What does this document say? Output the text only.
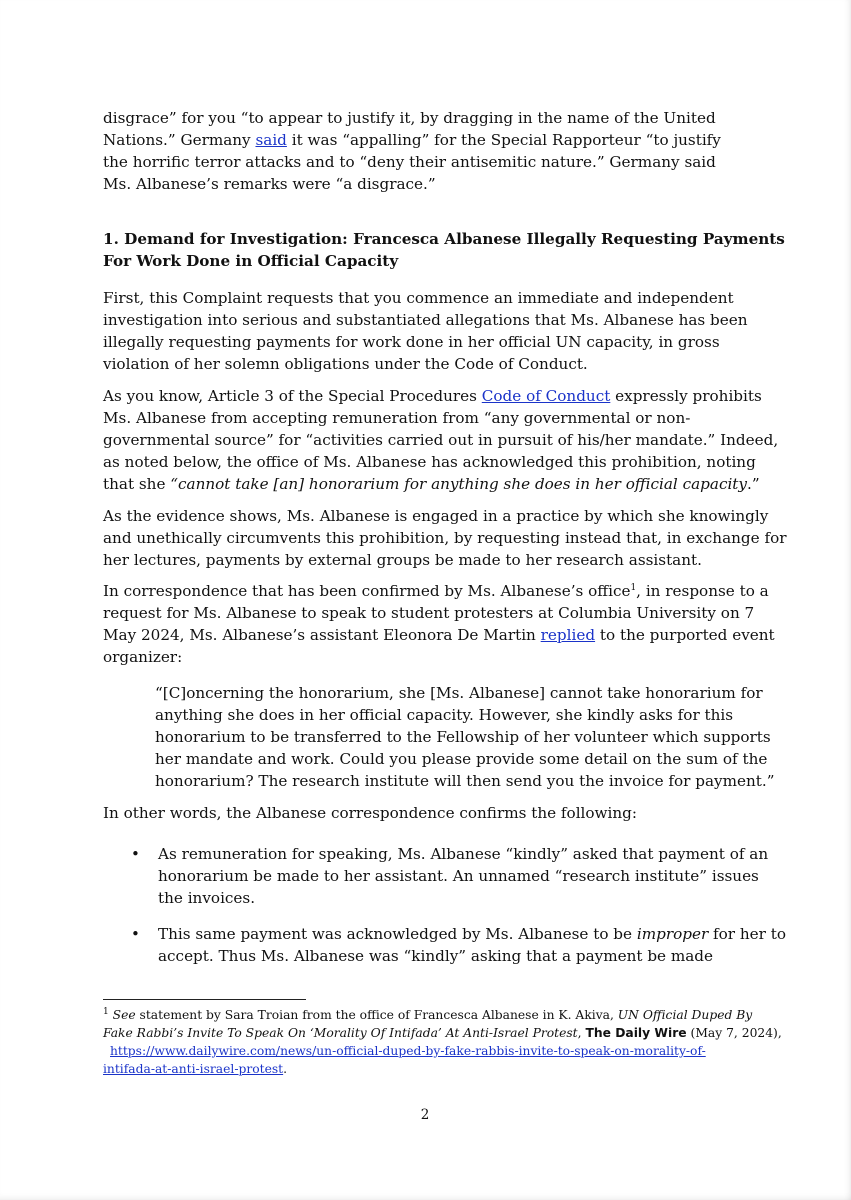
disgrace” for you “to appear to justify it, by dragging in the name of the United
Nations.” Germany said it was “appalling” for the Special Rapporteur “to justify
the horrific terror attacks and to “deny their antisemitic nature.” Germany said
Ms. Albanese’s remarks were “a disgrace.”
1. Demand for Investigation: Francesca Albanese Illegally Requesting Payments
For Work Done in Official Capacity
First, this Complaint requests that you commence an immediate and independent
investigation into serious and substantiated allegations that Ms. Albanese has been
illegally requesting payments for work done in her official UN capacity, in gross
violation of her solemn obligations under the Code of Conduct.
As you know, Article 3 of the Special Procedures Code of Conduct expressly prohibits
Ms. Albanese from accepting remuneration from “any governmental or non-
governmental source” for “activities carried out in pursuit of his/her mandate.” Indeed,
as noted below, the office of Ms. Albanese has acknowledged this prohibition, noting
that she “cannot take [an] honorarium for anything she does in her official capacity.”
As the evidence shows, Ms. Albanese is engaged in a practice by which she knowingly
and unethically circumvents this prohibition, by requesting instead that, in exchange for
her lectures, payments by external groups be made to her research assistant.
In correspondence that has been confirmed by Ms. Albanese’s office$^1$, in response to a
request for Ms. Albanese to speak to student protesters at Columbia University on 7
May 2024, Ms. Albanese’s assistant Eleonora De Martin replied to the purported event
organizer:
“[C]oncerning the honorarium, she [Ms. Albanese] cannot take honorarium for
anything she does in her official capacity. However, she kindly asks for this
honorarium to be transferred to the Fellowship of her volunteer which supports
her mandate and work. Could you please provide some detail on the sum of the
honorarium? The research institute will then send you the invoice for payment.”
In other words, the Albanese correspondence confirms the following:
• As remuneration for speaking, Ms. Albanese “kindly” asked that payment of an
honorarium be made to her assistant. An unnamed “research institute” issues
the invoices.
• This same payment was acknowledged by Ms. Albanese to be improper for her to
accept. Thus Ms. Albanese was “kindly” asking that a payment be made
$^1$ See statement by Sara Troian from the office of Francesca Albanese in K. Akiva, UN Official Duped By
Fake Rabbi’s Invite To Speak On ‘Morality Of Intifada’ At Anti-Israel Protest, The Daily Wire (May 7, 2024),
https://www.dailywire.com/news/un-official-duped-by-fake-rabbis-invite-to-speak-on-morality-of-
intifada-at-anti-israel-protest.
2
